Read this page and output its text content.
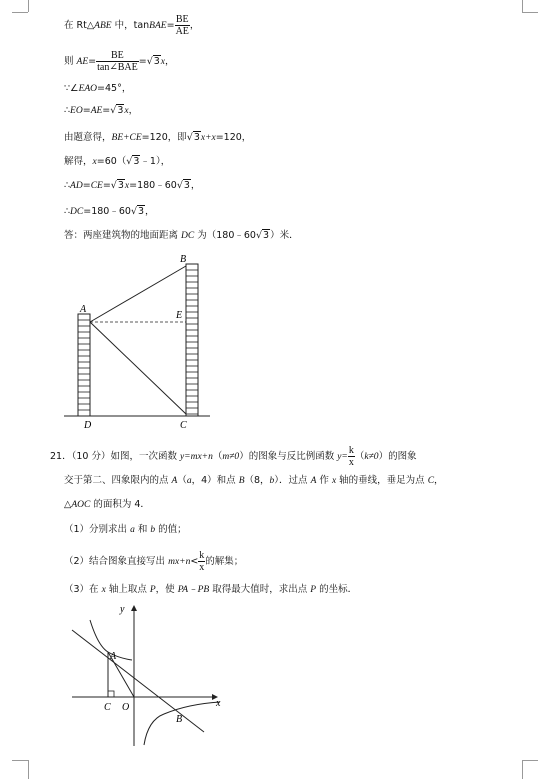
在 Rt△ABE 中，tanBAE= $\frac{BE}{AE}$ ，
则 $AE= \frac{BE}{\text{tan∠BAE}} =√3x$，
∵∠EAO=45°，
∴EO=AE=√3x，
由题意得，BE+CE=120，即√3x+x=120，
解得，x=60（√3﹣1），
∴AD=CE=√3x=180﹣60√3，
∴DC=180﹣60√3，
答：两座建筑物的地面距离 DC 为（180﹣60√3）米．
A
B
E
D	C
21．（10 分）如图，一次函数 y=mx+n（m≠0）的图象与反比例函数 $y= \frac{k}{x} (k\ne 0)$的图象
交于第二、四象限内的点 A（a，4）和点 B（8，b）．过点 A 作 x 轴的垂线，垂足为点 C，
△AOC 的面积为 4．
（1）分别求出 a 和 b 的值；
（2）结合图象直接写出 $mx+n< \frac{k}{x}$ 的解集；
（3）在 x 轴上取点 P，使 PA﹣PB 取得最大值时，求出点 P 的坐标．
y
x
A
C O
B
